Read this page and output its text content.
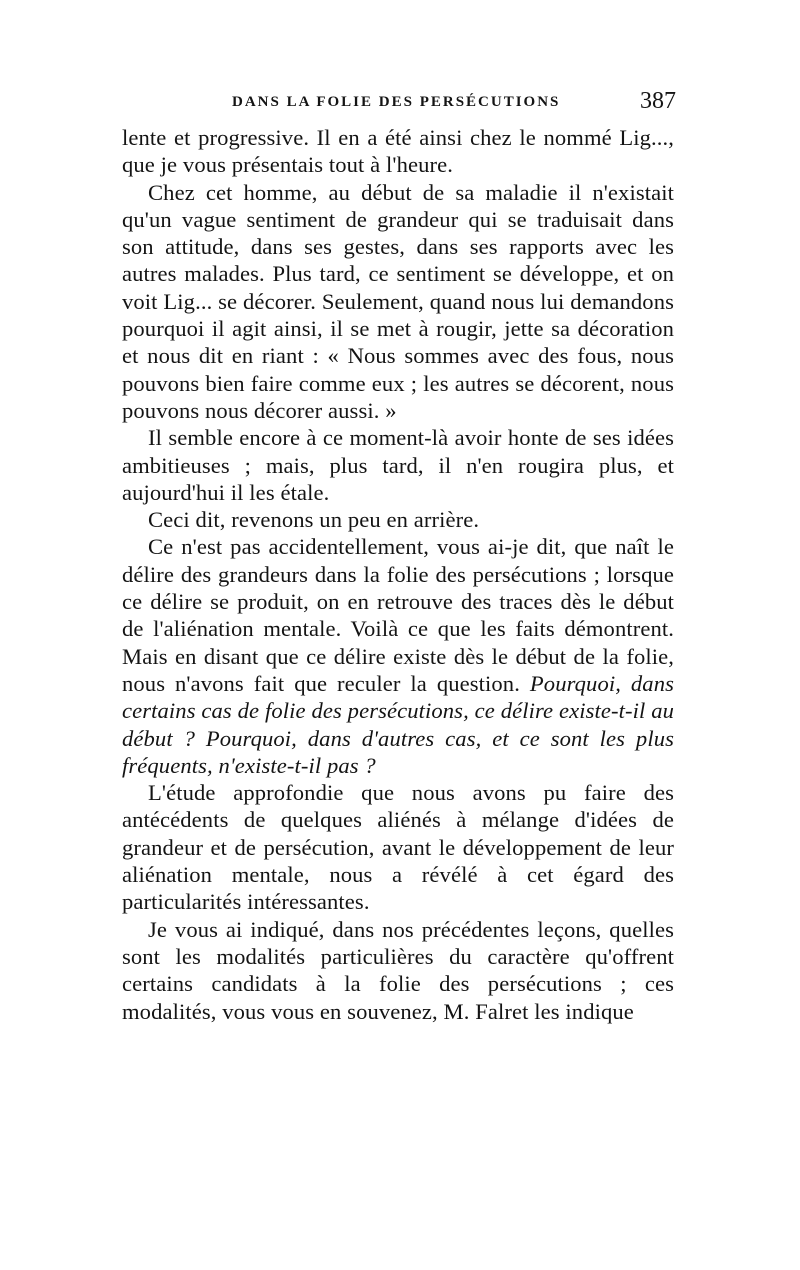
DANS LA FOLIE DES PERSÉCUTIONS	387

lente et progressive. Il en a été ainsi chez le nommé Lig..., que je vous présentais tout à l'heure.

Chez cet homme, au début de sa maladie il n'existait qu'un vague sentiment de grandeur qui se traduisait dans son attitude, dans ses gestes, dans ses rapports avec les autres malades. Plus tard, ce sentiment se développe, et on voit Lig... se décorer. Seulement, quand nous lui demandons pourquoi il agit ainsi, il se met à rougir, jette sa décoration et nous dit en riant : « Nous sommes avec des fous, nous pouvons bien faire comme eux ; les autres se décorent, nous pouvons nous décorer aussi. »

Il semble encore à ce moment-là avoir honte de ses idées ambitieuses ; mais, plus tard, il n'en rougira plus, et aujourd'hui il les étale.

Ceci dit, revenons un peu en arrière.

Ce n'est pas accidentellement, vous ai-je dit, que naît le délire des grandeurs dans la folie des persécutions ; lorsque ce délire se produit, on en retrouve des traces dès le début de l'aliénation mentale. Voilà ce que les faits démontrent. Mais en disant que ce délire existe dès le début de la folie, nous n'avons fait que reculer la question. Pourquoi, dans certains cas de folie des persécutions, ce délire existe-t-il au début ? Pourquoi, dans d'autres cas, et ce sont les plus fréquents, n'existe-t-il pas ?

L'étude approfondie que nous avons pu faire des antécédents de quelques aliénés à mélange d'idées de grandeur et de persécution, avant le développement de leur aliénation mentale, nous a révélé à cet égard des particularités intéressantes.

Je vous ai indiqué, dans nos précédentes leçons, quelles sont les modalités particulières du caractère qu'offrent certains candidats à la folie des persécutions ; ces modalités, vous vous en souvenez, M. Falret les indique
